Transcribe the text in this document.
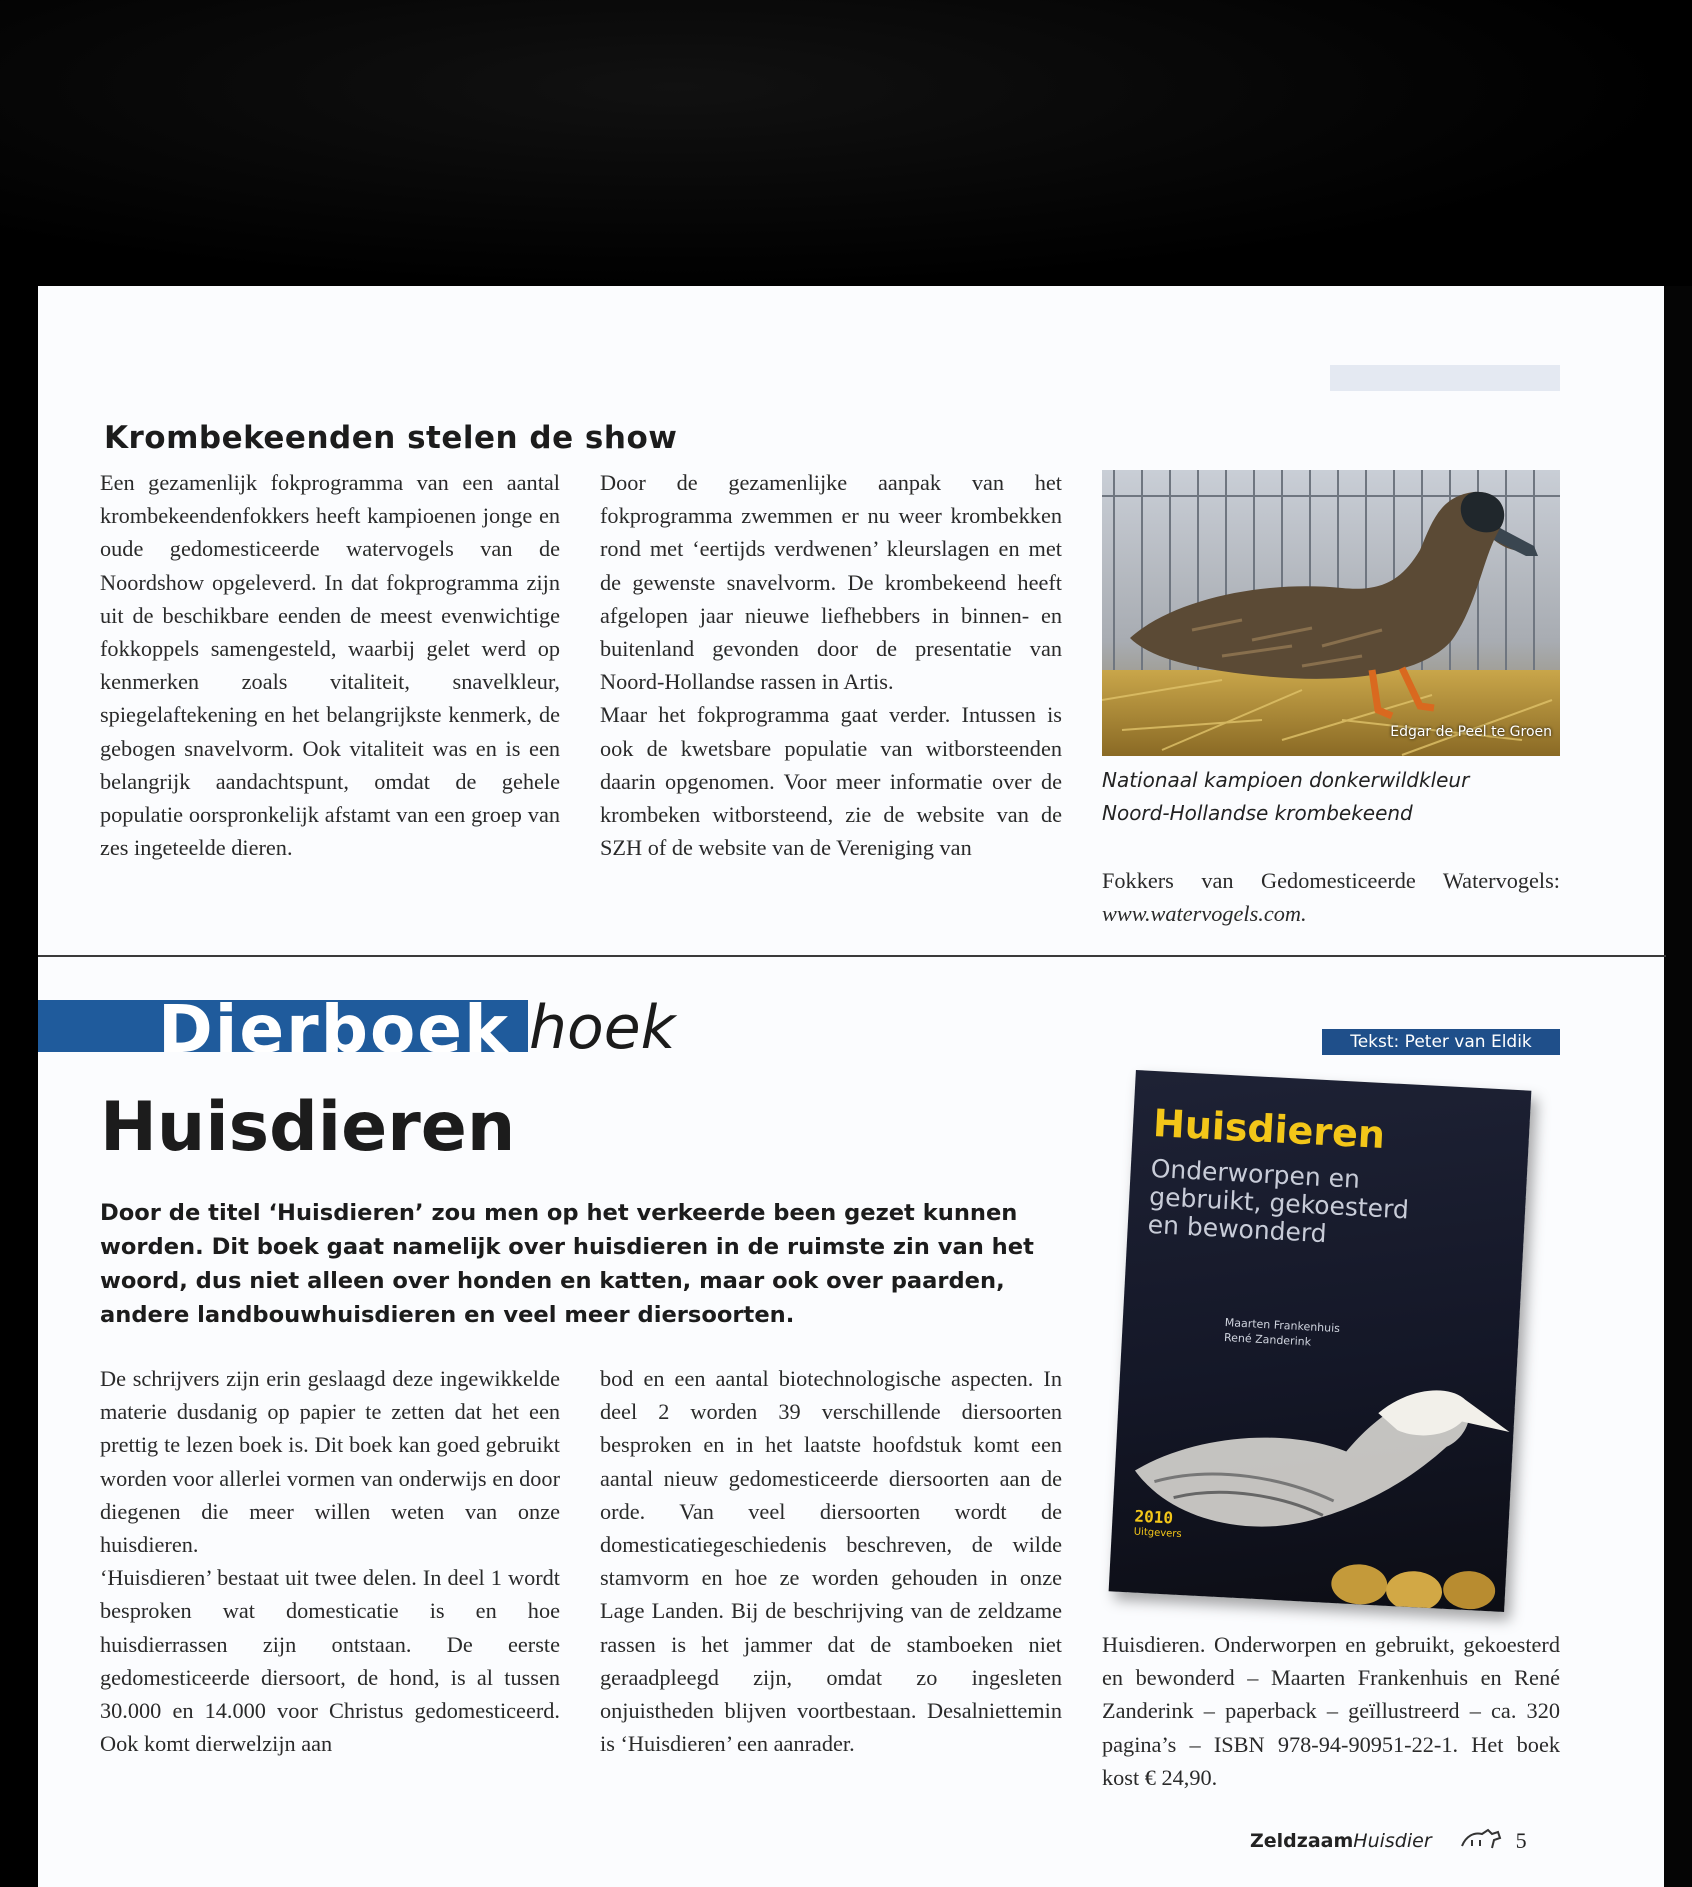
Krombekeenden stelen de show

Een gezamenlijk fokprogramma van een aantal krombekeendenfokkers heeft kampioenen jonge en oude gedomesticeerde watervogels van de Noordshow opgeleverd. In dat fokprogramma zijn uit de beschikbare eenden de meest evenwichtige fokkoppels samengesteld, waarbij gelet werd op kenmerken zoals vitaliteit, snavelkleur, spiegelaftekening en het belangrijkste kenmerk, de gebogen snavelvorm. Ook vitaliteit was en is een belangrijk aandachtspunt, omdat de gehele populatie oorspronkelijk afstamt van een groep van zes ingeteelde dieren.

Door de gezamenlijke aanpak van het fokprogramma zwemmen er nu weer krombekken rond met ‘eertijds verdwenen’ kleurslagen en met de gewenste snavelvorm. De krombekeend heeft afgelopen jaar nieuwe liefhebbers in binnen- en buitenland gevonden door de presentatie van Noord-Hollandse rassen in Artis.

Maar het fokprogramma gaat verder. Intussen is ook de kwetsbare populatie van witborsteenden daarin opgenomen. Voor meer informatie over de krombeken witborsteend, zie de website van de SZH of de website van de Vereniging van

Edgar de Peel te Groen
Nationaal kampioen donkerwildkleur
Noord-Hollandse krombekeend

Fokkers van Gedomesticeerde Watervogels: www.watervogels.com.

Dierboek hoek	Tekst: Peter van Eldik
Huisdieren
Door de titel ‘Huisdieren’ zou men op het verkeerde been gezet kunnen worden. Dit boek gaat namelijk over huisdieren in de ruimste zin van het woord, dus niet alleen over honden en katten, maar ook over paarden, andere landbouwhuisdieren en veel meer diersoorten.

De schrijvers zijn erin geslaagd deze ingewikkelde materie dusdanig op papier te zetten dat het een prettig te lezen boek is. Dit boek kan goed gebruikt worden voor allerlei vormen van onderwijs en door diegenen die meer willen weten van onze huisdieren.

‘Huisdieren’ bestaat uit twee delen. In deel 1 wordt besproken wat domesticatie is en hoe huisdierrassen zijn ontstaan. De eerste gedomesticeerde diersoort, de hond, is al tussen 30.000 en 14.000 voor Christus gedomesticeerd. Ook komt dierwelzijn aan

bod en een aantal biotechnologische aspecten. In deel 2 worden 39 verschillende diersoorten besproken en in het laatste hoofdstuk komt een aantal nieuw gedomesticeerde diersoorten aan de orde. Van veel diersoorten wordt de domesticatiegeschiedenis beschreven, de wilde stamvorm en hoe ze worden gehouden in onze Lage Landen. Bij de beschrijving van de zeldzame rassen is het jammer dat de stamboeken niet geraadpleegd zijn, omdat zo ingesleten onjuistheden blijven voortbestaan. Desalniettemin is ‘Huisdieren’ een aanrader.

Huisdieren
Onderworpen en gebruikt, gekoesterd en bewonderd
Maarten Frankenhuis
René Zanderink
2010
Uitgevers

Huisdieren. Onderworpen en gebruikt, gekoesterd en bewonderd – Maarten Frankenhuis en René Zanderink – paperback – geïllustreerd – ca. 320 pagina’s – ISBN 978-94-90951-22-1. Het boek kost € 24,90.

Zeldzaam Huisdier	5
